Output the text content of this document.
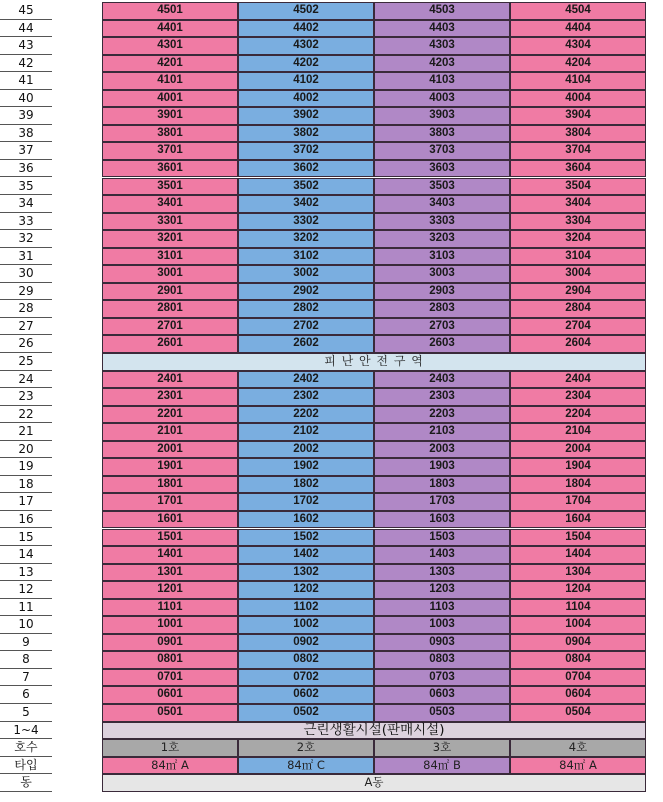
45	4501	4502	4503	4504
44	4401	4402	4403	4404
43	4301	4302	4303	4304
42	4201	4202	4203	4204
41	4101	4102	4103	4104
40	4001	4002	4003	4004
39	3901	3902	3903	3904
38	3801	3802	3803	3804
37	3701	3702	3703	3704
36	3601	3602	3603	3604
35	3501	3502	3503	3504
34	3401	3402	3403	3404
33	3301	3302	3303	3304
32	3201	3202	3203	3204
31	3101	3102	3103	3104
30	3001	3002	3003	3004
29	2901	2902	2903	2904
28	2801	2802	2803	2804
27	2701	2702	2703	2704
26	2601	2602	2603	2604
25	피 난 안 전 구 역
24	2401	2402	2403	2404
23	2301	2302	2303	2304
22	2201	2202	2203	2204
21	2101	2102	2103	2104
20	2001	2002	2003	2004
19	1901	1902	1903	1904
18	1801	1802	1803	1804
17	1701	1702	1703	1704
16	1601	1602	1603	1604
15	1501	1502	1503	1504
14	1401	1402	1403	1404
13	1301	1302	1303	1304
12	1201	1202	1203	1204
11	1101	1102	1103	1104
10	1001	1002	1003	1004
9	0901	0902	0903	0904
8	0801	0802	0803	0804
7	0701	0702	0703	0704
6	0601	0602	0603	0604
5	0501	0502	0503	0504
1~4	근린생활시설(판매시설)
호수	1호	2호	3호	4호
타입	84㎡ A	84㎡ C	84㎡ B	84㎡ A
동	A동
